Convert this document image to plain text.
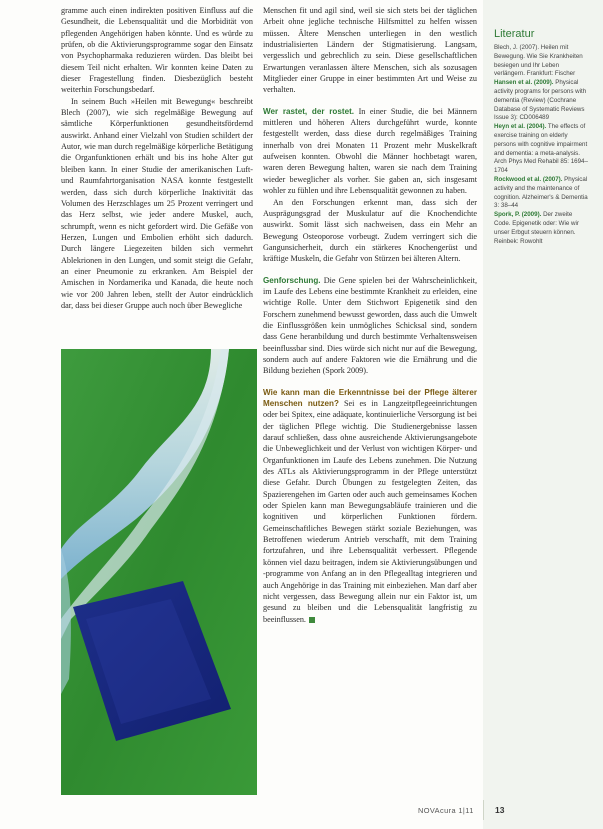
gramme auch einen indirekten positiven Einfluss auf die Gesundheit, die Lebensqualität und die Morbidität von pflegenden Angehörigen haben könnte. Und es würde zu prüfen, ob die Aktivierungsprogramme sogar den Einsatz von Psychopharmaka reduzieren würden. Das bleibt bei diesem Teil nicht erhalten. Wir konnten keine Daten zu dieser Fragestellung finden. Diesbezüglich besteht weiterhin Forschungsbedarf.

In seinem Buch »Heilen mit Bewegung« beschreibt Blech (2007), wie sich regelmäßige Bewegung auf sämtliche Körperfunktionen gesundheitsfördernd auswirkt. Anhand einer Vielzahl von Studien schildert der Autor, wie man durch regelmäßige körperliche Betätigung die Organfunktionen erhält und bis ins hohe Alter gut bleiben kann. In einer Studie der amerikanischen Luft- und Raumfahrtorganisation NASA konnte festgestellt werden, dass sich durch körperliche Inaktivität das Volumen des Herzschlages um 25 Prozent verringert und das Herz selbst, wie jeder andere Muskel, auch, schrumpft, wenn es nicht gefordert wird. Die Gefäße von Herzen, Lungen und Embolien erhöht sich dadurch. Durch längere Liegezeiten bilden sich vermehrt Ablekrionen in den Lungen, und somit steigt die Gefahr, an einer Pneumonie zu erkranken. Am Beispiel der Amischen in Nordamerika und Kanada, die heute noch wie vor 200 Jahren leben, stellt der Autor eindrücklich dar, dass bei dieser Gruppe auch noch über Bewegliche

Menschen fit und agil sind, weil sie sich stets bei der täglichen Arbeit ohne jegliche technische Hilfsmittel zu helfen wissen müssen. Ältere Menschen unterliegen in den westlich industrialisierten Ländern der Stigmatisierung. Langsam, vergesslich und gebrechlich zu sein. Diese gesellschaftlichen Erwartungen veranlassen ältere Menschen, sich als sozusagen Mitglieder einer Gruppe in einer bestimmten Art und Weise zu verhalten.

Wer rastet, der rostet. In einer Studie, die bei Männern mittleren und höheren Alters durchgeführt wurde, konnte festgestellt werden, dass diese durch regelmäßiges Training innerhalb von drei Monaten 11 Prozent mehr Muskelkraft aufweisen konnten. Obwohl die Männer hochbetagt waren, waren deren Bewegung halten, waren sie nach dem Training wieder beweglicher als vorher. Sie gaben an, sich insgesamt wohler zu fühlen und ihre Lebensqualität gewonnen zu haben.

An den Forschungen erkennt man, dass sich der Ausprägungsgrad der Muskulatur auf die Knochendichte auswirkt. Somit lässt sich nachweisen, dass ein Mehr an Bewegung Osteoporose vorbeugt. Zudem verringert sich die Gangunsicherheit, durch ein stärkeres Knochengerüst und kräftige Muskeln, die Gefahr von Stürzen bei älteren Altern.

Genforschung. Die Gene spielen bei der Wahrscheinlichkeit, im Laufe des Lebens eine bestimmte Krankheit zu erleiden, eine wichtige Rolle. Unter dem Stichwort Epigenetik sind den Forschern zunehmend bewusst geworden, dass auch die Umwelt die Einflussgrößen kein unmögliches Schicksal sind, sondern dass Gene heranbildung und durch bestimmte Verhaltensweisen beeinflussbar sind. Dies würde sich nicht nur auf die Bewegung, sondern auch auf andere Faktoren wie die Ernährung und die Bildung beziehen (Spork 2009).

Wie kann man die Erkenntnisse bei der Pflege älterer Menschen nutzen? Sei es in Langzeitpflegeeinrichtungen oder bei Spitex, eine adäquate, kontinuierliche Versorgung ist bei der täglichen Pflege wichtig. Die Studienergebnisse lassen darauf schließen, dass ohne ausreichende Aktivierungsangebote die Unbeweglichkeit und der Verlust von wichtigen Körper- und Organfunktionen im Laufe des Lebens zunehmen. Die Nutzung des ATLs als Aktivierungsprogramm in der Pflege unterstützt diese Gefahr. Durch Übungen zu festgelegten Zeiten, das Spazierengehen im Garten oder auch auch gemeinsames Kochen oder Spielen kann man Bewegungsabläufe trainieren und die kognitiven und körperlichen Funktionen fördern. Gemeinschaftliches Bewegen stärkt soziale Beziehungen, was Betroffenen wiederum Antrieb verschafft, mit dem Training fortzufahren, und ihre Lebensqualität verbessert. Pflegende können viel dazu beitragen, indem sie Aktivierungsübungen und -programme von Anfang an in den Pflegealltag integrieren und auch Angehörige in das Training mit einbeziehen. Man darf aber nicht vergessen, dass Bewegung allein nur ein Faktor ist, um gesund zu bleiben und die Lebensqualität langfristig zu beeinflussen.

Literatur

Blech, J. (2007). Heilen mit Bewegung. Wie Sie Krankheiten besiegen und Ihr Leben verlängern. Frankfurt: Fischer

Hansen et al. (2009). Physical activity programs for persons with dementia (Review) (Cochrane Database of Systematic Reviews Issue 3): CD006489

Heyn et al. (2004). The effects of exercise training on elderly persons with cognitive impairment and dementia: a meta-analysis. Arch Phys Med Rehabil 85: 1694–1704

Rockwood et al. (2007). Physical activity and the maintenance of cognition. Alzheimer's & Dementia 3: 38–44

Spork, P. (2009). Der zweite Code. Epigenetik oder: Wie wir unser Erbgut steuern können. Reinbek: Rowohlt

NOVAcura 1|11	13
